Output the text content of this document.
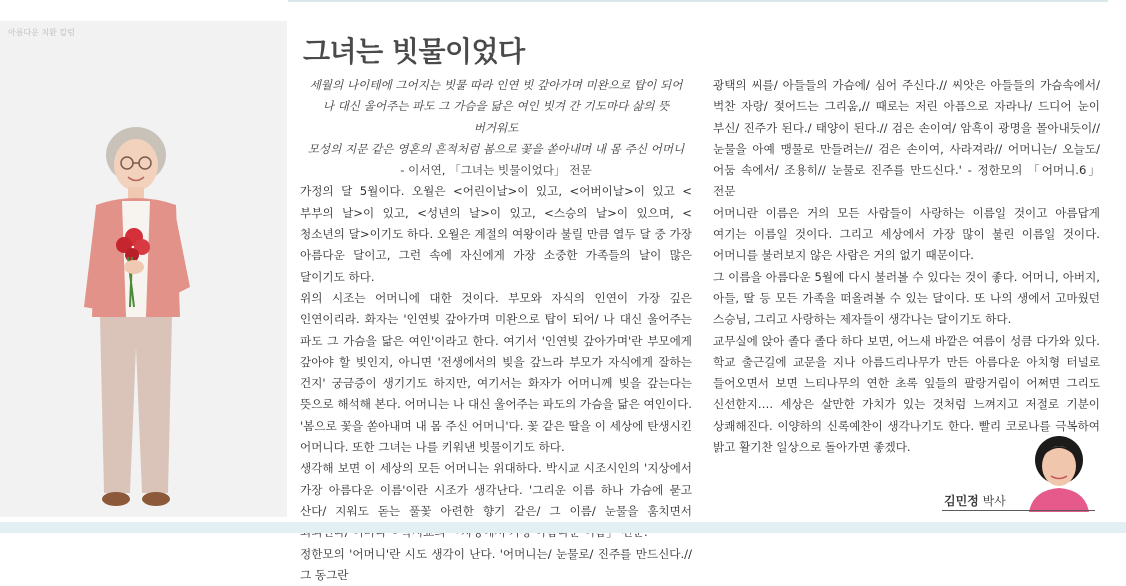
아름다운 치환 칼럼
그녀는 빗물이었다

세월의 나이테에 그어지는 빗물 따라 인연 빗 갚아가며 미완으로 탑이 되어

나 대신 울어주는 파도 그 가슴을 닮은 여인 빗겨 간 기도마다 삶의 뜻 버거워도

모성의 지문 같은 영혼의 흔적처럼 봄으로 꽃을 쏟아내며 내 몸 주신 어머니

- 이서연, 「그녀는 빗물이었다」 전문

가정의 달 5월이다. 오월은 <어린이날>이 있고, <어버이날>이 있고 <부부의 날>이 있고, <성년의 날>이 있고, <스승의 날>이 있으며, <청소년의 달>이기도 하다. 오월은 계절의 여왕이라 불릴 만큼 열두 달 중 가장 아름다운 달이고, 그런 속에 자신에게 가장 소중한 가족들의 날이 많은 달이기도 하다.

위의 시조는 어머니에 대한 것이다. 부모와 자식의 인연이 가장 깊은 인연이리라. 화자는 '인연빚 갚아가며 미완으로 탑이 되어/ 나 대신 울어주는 파도 그 가슴을 닮은 여인'이라고 한다. 여기서 '인연빚 갚아가며'란 부모에게 갚아야 할 빚인지, 아니면 '전생에서의 빚을 갚느라 부모가 자식에게 잘하는 건지' 궁금증이 생기기도 하지만, 여기서는 화자가 어머니께 빚을 갚는다는 뜻으로 해석해 본다. 어머니는 나 대신 울어주는 파도의 가슴을 닮은 여인이다. '봄으로 꽃을 쏟아내며 내 몸 주신 어머니'다. 꽃 같은 딸을 이 세상에 탄생시킨 어머니다. 또한 그녀는 나를 키워낸 빗물이기도 하다.

생각해 보면 이 세상의 모든 어머니는 위대하다. 박시교 시조시인의 '지상에서 가장 아름다운 이름'이란 시조가 생각난다. '그리운 이름 하나 가슴에 묻고 산다/ 지워도 돋는 풀꽃 아련한 향기 같은/ 그 이름/ 눈물을 훔치면서

정한모의 '어머니'란 시도 생각이 난다. '어머니는/ 눈물로/ 진주를 만드신다.// 그 동그란

광택의 씨를/ 아들들의 가슴에/ 심어 주신다.// 씨앗은 아들들의 가슴속에서/ 벅찬 자랑/ 젖어드는 그리움,// 때로는 저린 아픔으로 자라나/ 드디어 눈이 부신/ 진주가 된다./ 태양이 된다.// 검은 손이여/ 암흑이 광명을 몰아내듯이// 눈물을 아예 맹물로 만들려는// 검은 손이여, 사라져라// 어머니는/ 오늘도/ 어둠 속에서/ 조용히// 눈물로 진주를 만드신다.' - 정한모의 「어머니.6」 전문

어머니란 이름은 거의 모든 사람들이 사랑하는 이름일 것이고 아름답게 여기는 이름일 것이다. 그리고 세상에서 가장 많이 불린 이름일 것이다. 어머니를 불러보지 않은 사람은 거의 없기 때문이다.

그 이름을 아름다운 5월에 다시 불러볼 수 있다는 것이 좋다. 어머니, 아버지, 아들, 딸 등 모든 가족을 떠올려볼 수 있는 달이다. 또 나의 생에서 고마웠던 스승님, 그리고 사랑하는 제자들이 생각나는 달이기도 하다.

교무실에 앉아 졸다 졸다 하다 보면, 어느새 바깥은 여름이 성큼 다가와 있다. 학교 출근길에 교문을 지나 아름드리나무가 만든 아름다운 아치형 터널로 들어오면서 보면 느티나무의 연한 초록 잎들의 팔랑거림이 어쩌면 그리도 신선한지…. 세상은 살만한 가치가 있는 것처럼 느껴지고 저절로 기분이 상쾌해진다. 이양하의 신록예찬이 생각나기도 한다. 빨리 코로나를 극복하여 밝고 활기찬 일상으로 돌아가면 좋겠다.

김민정 박사
